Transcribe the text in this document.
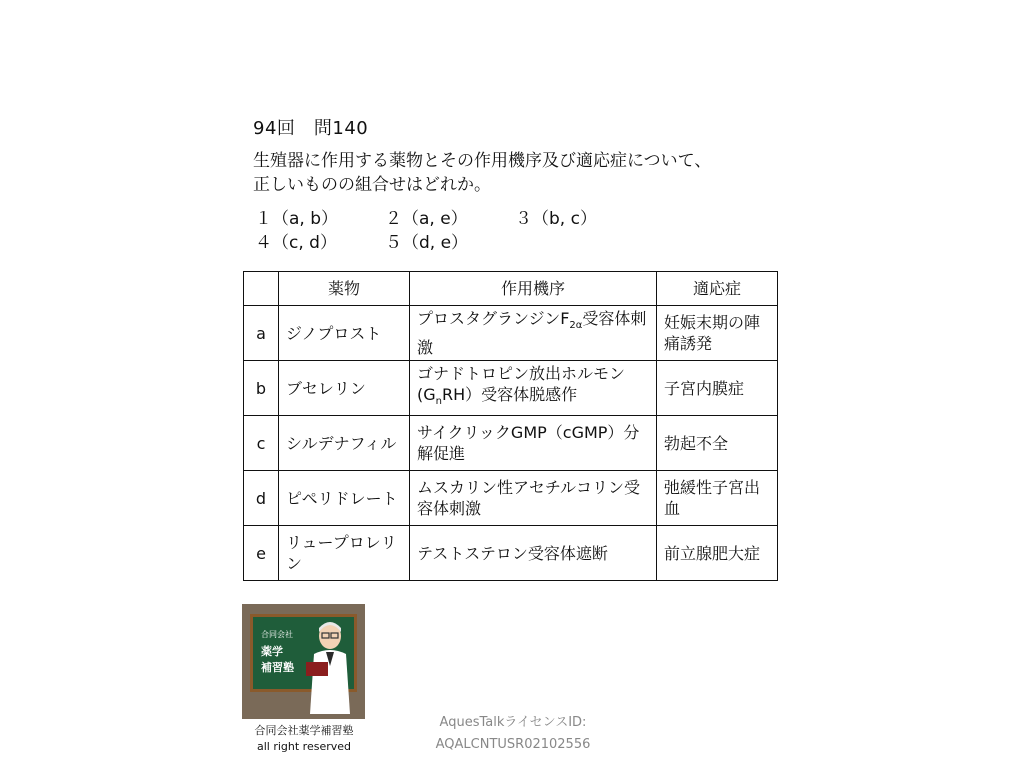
94回　問140
生殖器に作用する薬物とその作用機序及び適応症について、
正しいものの組合せはどれか。
１（a, b）	２（a, e）	３（b, c）
４（c, d）	５（d, e）
	薬物	作用機序	適応症
a	ジノプロスト	プロスタグランジン$F_{2\alpha}$受容体刺激	妊娠末期の陣痛誘発
b	ブセレリン	ゴナドトロピン放出ホルモン$(G_nRH)$受容体脱感作	子宮内膜症
c	シルデナフィル	サイクリックGMP（cGMP）分解促進	勃起不全
d	ピペリドレート	ムスカリン性アセチルコリン受容体刺激	弛緩性子宮出血
e	リュープロレリン	テストステロン受容体遮断	前立腺肥大症
合同会社
薬学
補習塾
合同会社薬学補習塾
all right reserved
AquesTalkライセンスID:
AQALCNTUSR02102556
